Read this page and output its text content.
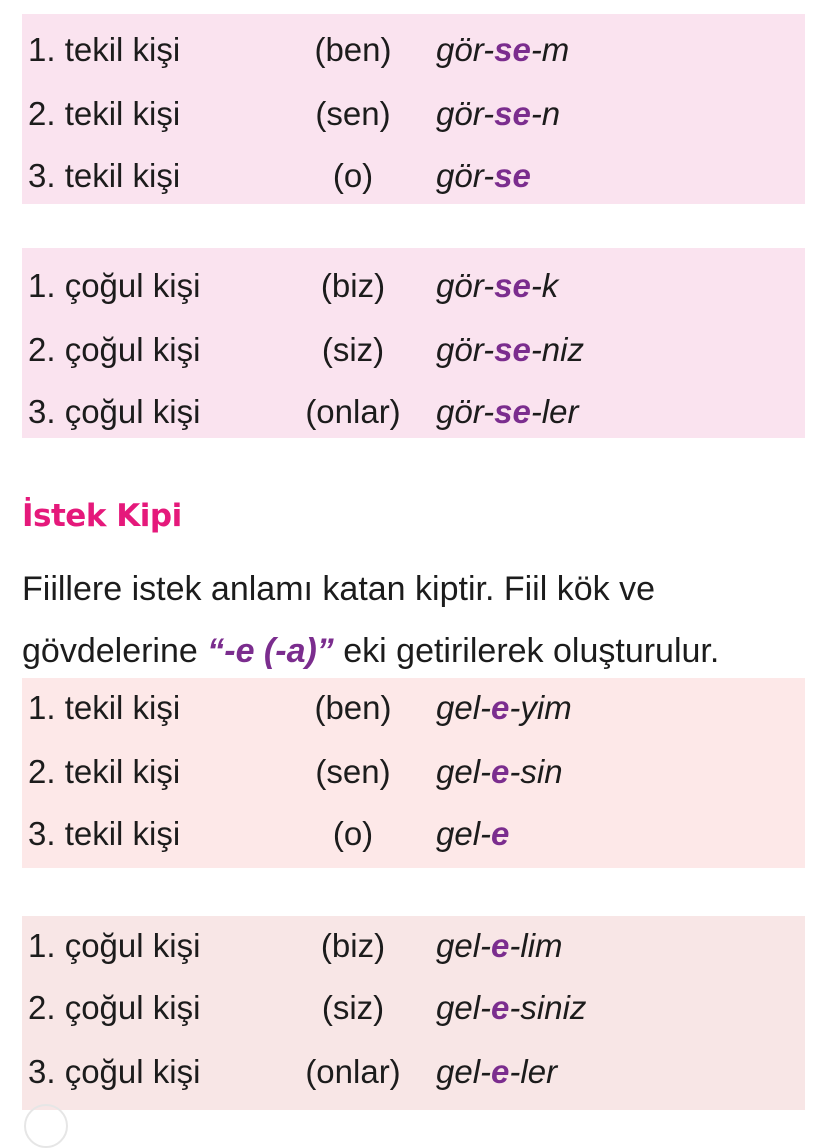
1. tekil kişi	(ben)	gör-se-m
2. tekil kişi	(sen)	gör-se-n
3. tekil kişi	(o)	gör-se
1. çoğul kişi	(biz)	gör-se-k
2. çoğul kişi	(siz)	gör-se-niz
3. çoğul kişi	(onlar)	gör-se-ler
İstek Kipi
Fiillere istek anlamı katan kiptir. Fiil kök ve gövdelerine “-e (-a)” eki getirilerek oluşturulur.
1. tekil kişi	(ben)	gel-e-yim
2. tekil kişi	(sen)	gel-e-sin
3. tekil kişi	(o)	gel-e
1. çoğul kişi	(biz)	gel-e-lim
2. çoğul kişi	(siz)	gel-e-siniz
3. çoğul kişi	(onlar)	gel-e-ler
